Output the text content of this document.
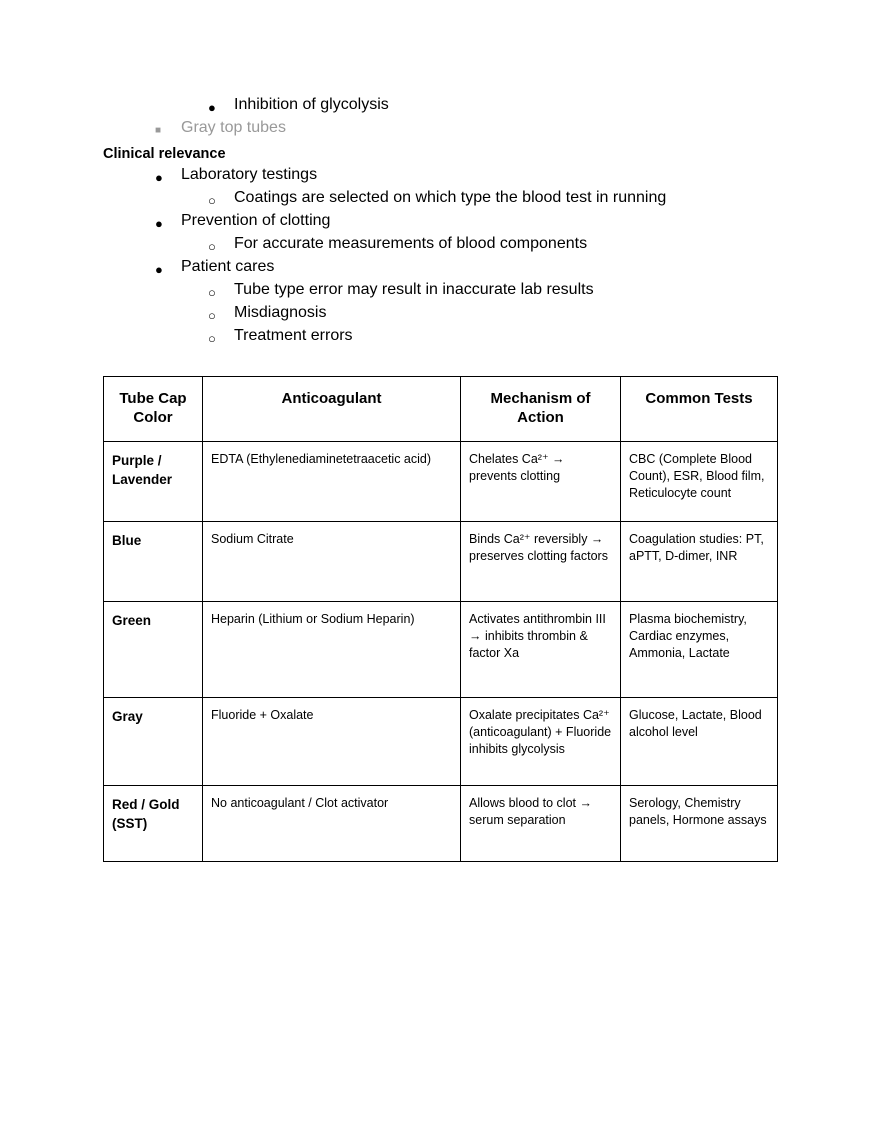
●	Inhibition of glycolysis
■	Gray top tubes
Clinical relevance
●	Laboratory testings
○	Coatings are selected on which type the blood test in running
●	Prevention of clotting
○	For accurate measurements of blood components
●	Patient cares
○	Tube type error may result in inaccurate lab results
○	Misdiagnosis
○	Treatment errors
Tube Cap Color	Anticoagulant	Mechanism of Action	Common Tests
Purple / Lavender	EDTA (Ethylenediaminetetraacetic acid)	Chelates Ca²⁺ → prevents clotting	CBC (Complete Blood Count), ESR, Blood film, Reticulocyte count
Blue	Sodium Citrate	Binds Ca²⁺ reversibly → preserves clotting factors	Coagulation studies: PT, aPTT, D-dimer, INR
Green	Heparin (Lithium or Sodium Heparin)	Activates antithrombin III → inhibits thrombin & factor Xa	Plasma biochemistry, Cardiac enzymes, Ammonia, Lactate
Gray	Fluoride + Oxalate	Oxalate precipitates Ca²⁺ (anticoagulant) + Fluoride inhibits glycolysis	Glucose, Lactate, Blood alcohol level
Red / Gold (SST)	No anticoagulant / Clot activator	Allows blood to clot → serum separation	Serology, Chemistry panels, Hormone assays
